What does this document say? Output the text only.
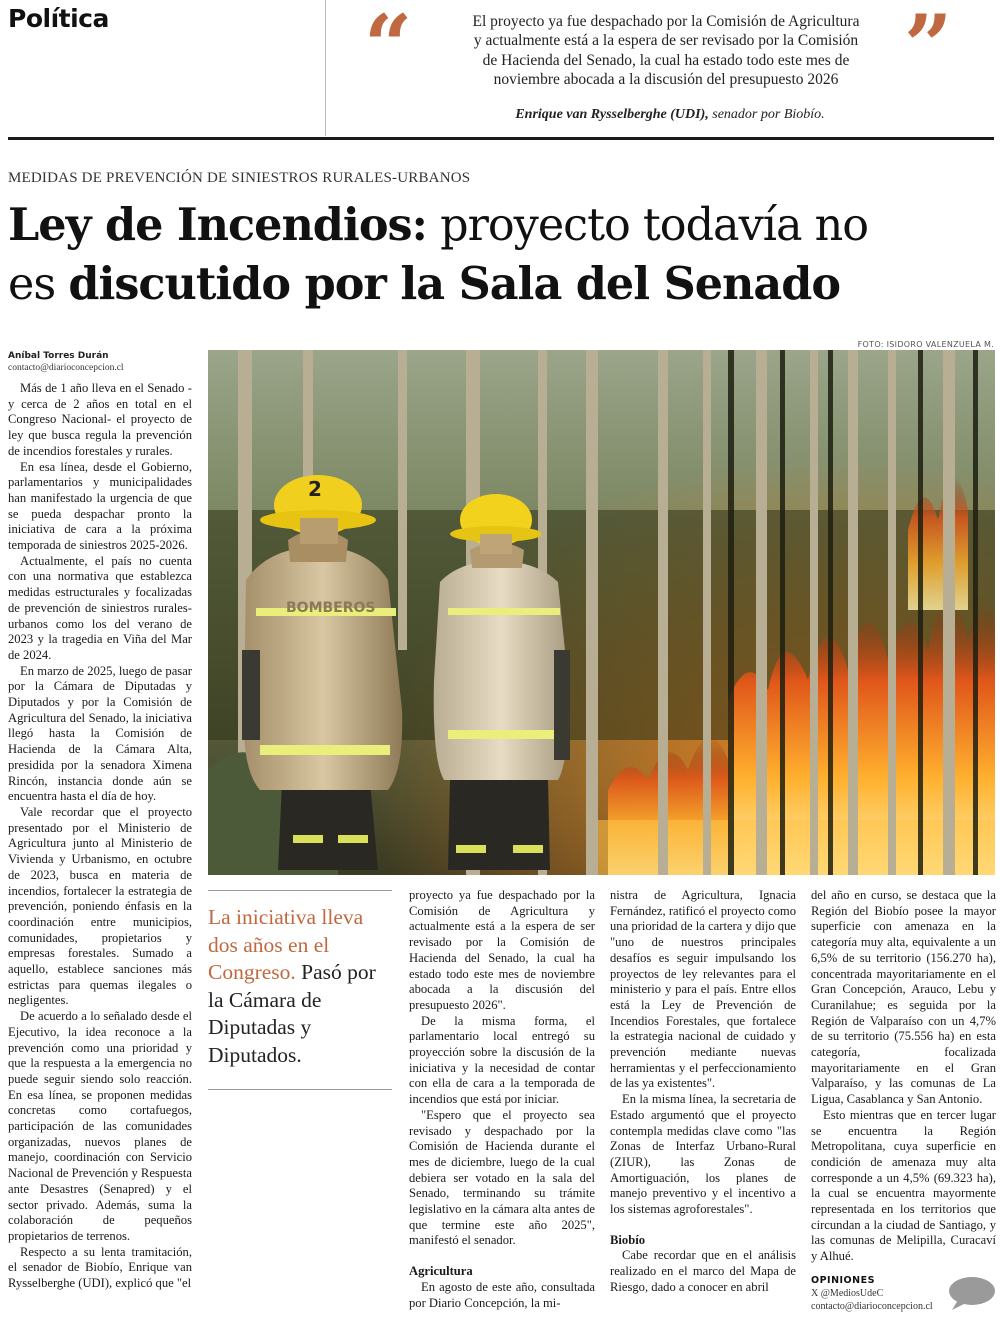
Política	“	”
El proyecto ya fue despachado por la Comisión de Agricultura
y actualmente está a la espera de ser revisado por la Comisión
de Hacienda del Senado, la cual ha estado todo este mes de
noviembre abocada a la discusión del presupuesto 2026
Enrique van Rysselberghe (UDI), senador por Biobío.
MEDIDAS DE PREVENCIÓN DE SINIESTROS RURALES-URBANOS
Ley de Incendios: proyecto todavía no
es discutido por la Sala del Senado
FOTO: ISIDORO VALENZUELA M.
Aníbal Torres Durán
contacto@diarioconcepcion.cl
BOMBEROS
2

Más de 1 año lleva en el Senado -y cerca de 2 años en total en el Congreso Nacional- el proyecto de ley que busca regula la prevención de incendios forestales y rurales.

En esa línea, desde el Gobierno, parlamentarios y municipalidades han manifestado la urgencia de que se pueda despachar pronto la iniciativa de cara a la próxima temporada de siniestros 2025-2026.

Actualmente, el país no cuenta con una normativa que establezca medidas estructurales y focalizadas de prevención de siniestros rurales-urbanos como los del verano de 2023 y la tragedia en Viña del Mar de 2024.

En marzo de 2025, luego de pasar por la Cámara de Diputadas y Diputados y por la Comisión de Agricultura del Senado, la iniciativa llegó hasta la Comisión de Hacienda de la Cámara Alta, presidida por la senadora Ximena Rincón, instancia donde aún se encuentra hasta el día de hoy.

Vale recordar que el proyecto presentado por el Ministerio de Agricultura junto al Ministerio de Vivienda y Urbanismo, en octubre de 2023, busca en materia de incendios, fortalecer la estrategia de prevención, poniendo énfasis en la coordinación entre municipios, comunidades, propietarios y empresas forestales. Sumado a aquello, establece sanciones más estrictas para quemas ilegales o negligentes.

De acuerdo a lo señalado desde el Ejecutivo, la idea reconoce a la prevención como una prioridad y que la respuesta a la emergencia no puede seguir siendo solo reacción. En esa línea, se proponen medidas concretas como cortafuegos, participación de las comunidades organizadas, nuevos planes de manejo, coordinación con Servicio Nacional de Prevención y Respuesta ante Desastres (Senapred) y el sector privado. Además, suma la colaboración de pequeños propietarios de terrenos.

Respecto a su lenta tramitación, el senador de Biobío, Enrique van Rysselberghe (UDI), explicó que "el

La iniciativa lleva dos años en el Congreso. Pasó por la Cámara de Diputadas y Diputados.

proyecto ya fue despachado por la Comisión de Agricultura y actualmente está a la espera de ser revisado por la Comisión de Hacienda del Senado, la cual ha estado todo este mes de noviembre abocada a la discusión del presupuesto 2026".

De la misma forma, el parlamentario local entregó su proyección sobre la discusión de la iniciativa y la necesidad de contar con ella de cara a la temporada de incendios que está por iniciar.

"Espero que el proyecto sea revisado y despachado por la Comisión de Hacienda durante el mes de diciembre, luego de la cual debiera ser votado en la sala del Senado, terminando su trámite legislativo en la cámara alta antes de que termine este año 2025", manifestó el senador.

Agricultura

En agosto de este año, consultada por Diario Concepción, la mi-

nistra de Agricultura, Ignacia Fernández, ratificó el proyecto como una prioridad de la cartera y dijo que "uno de nuestros principales desafíos es seguir impulsando los proyectos de ley relevantes para el ministerio y para el país. Entre ellos está la Ley de Prevención de Incendios Forestales, que fortalece la estrategia nacional de cuidado y prevención mediante nuevas herramientas y el perfeccionamiento de las ya existentes".

En la misma línea, la secretaria de Estado argumentó que el proyecto contempla medidas clave como "las Zonas de Interfaz Urbano-Rural (ZIUR), las Zonas de Amortiguación, los planes de manejo preventivo y el incentivo a los sistemas agroforestales".

Biobío

Cabe recordar que en el análisis realizado en el marco del Mapa de Riesgo, dado a conocer en abril

del año en curso, se destaca que la Región del Biobío posee la mayor superficie con amenaza en la categoría muy alta, equivalente a un 6,5% de su territorio (156.270 ha), concentrada mayoritariamente en el Gran Concepción, Arauco, Lebu y Curanilahue; es seguida por la Región de Valparaíso con un 4,7% de su territorio (75.556 ha) en esta categoría, focalizada mayoritariamente en el Gran Valparaíso, y las comunas de La Ligua, Casablanca y San Antonio.

Esto mientras que en tercer lugar se encuentra la Región Metropolitana, cuya superficie en condición de amenaza muy alta corresponde a un 4,5% (69.323 ha), la cual se encuentra mayormente representada en los territorios que circundan a la ciudad de Santiago, y las comunas de Melipilla, Curacaví y Alhué.

OPINIONES
X @MediosUdeC
contacto@diarioconcepcion.cl
